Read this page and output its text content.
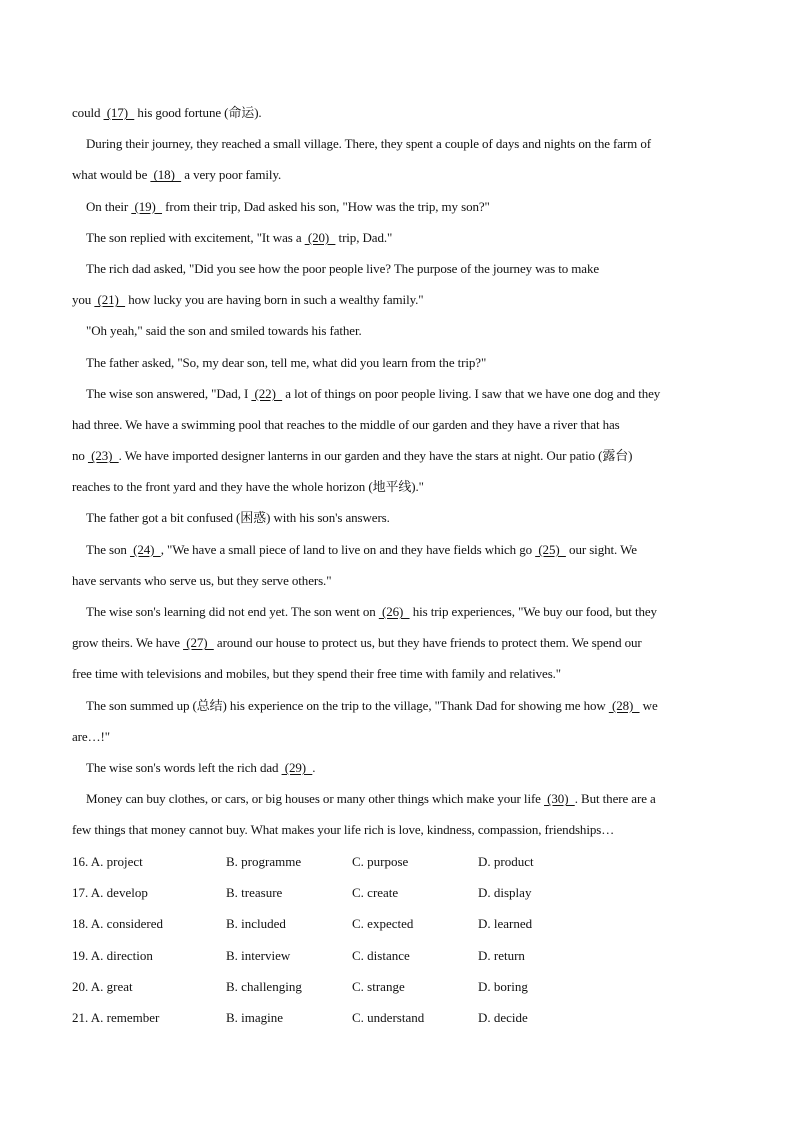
could  (17)   his good fortune (命运).
During their journey, they reached a small village. There, they spent a couple of days and nights on the farm of
what would be  (18)   a very poor family.
On their  (19)   from their trip, Dad asked his son, "How was the trip, my son?"
The son replied with excitement, "It was a  (20)   trip, Dad."
The rich dad asked, "Did you see how the poor people live? The purpose of the journey was to make
you  (21)   how lucky you are having born in such a wealthy family."
"Oh yeah," said the son and smiled towards his father.
The father asked, "So, my dear son, tell me, what did you learn from the trip?"
The wise son answered, "Dad, I  (22)   a lot of things on poor people living. I saw that we have one dog and they
had three. We have a swimming pool that reaches to the middle of our garden and they have a river that has
no  (23)  . We have imported designer lanterns in our garden and they have the stars at night. Our patio (露台)
reaches to the front yard and they have the whole horizon (地平线)."
The father got a bit confused (困惑) with his son's answers.
The son  (24)  , "We have a small piece of land to live on and they have fields which go  (25)   our sight. We
have servants who serve us, but they serve others."
The wise son's learning did not end yet. The son went on  (26)   his trip experiences, "We buy our food, but they
grow theirs. We have  (27)   around our house to protect us, but they have friends to protect them. We spend our
free time with televisions and mobiles, but they spend their free time with family and relatives."
The son summed up (总结) his experience on the trip to the village, "Thank Dad for showing me how  (28)   we
are…!"
The wise son's words left the rich dad  (29)  .
Money can buy clothes, or cars, or big houses or many other things which make your life  (30)  . But there are a
few things that money cannot buy. What makes your life rich is love, kindness, compassion, friendships…
16. A. project	B. programme	C. purpose	D. product
17. A. develop	B. treasure	C. create	D. display
18. A. considered	B. included	C. expected	D. learned
19. A. direction	B. interview	C. distance	D. return
20. A. great	B. challenging	C. strange	D. boring
21. A. remember	B. imagine	C. understand	D. decide
